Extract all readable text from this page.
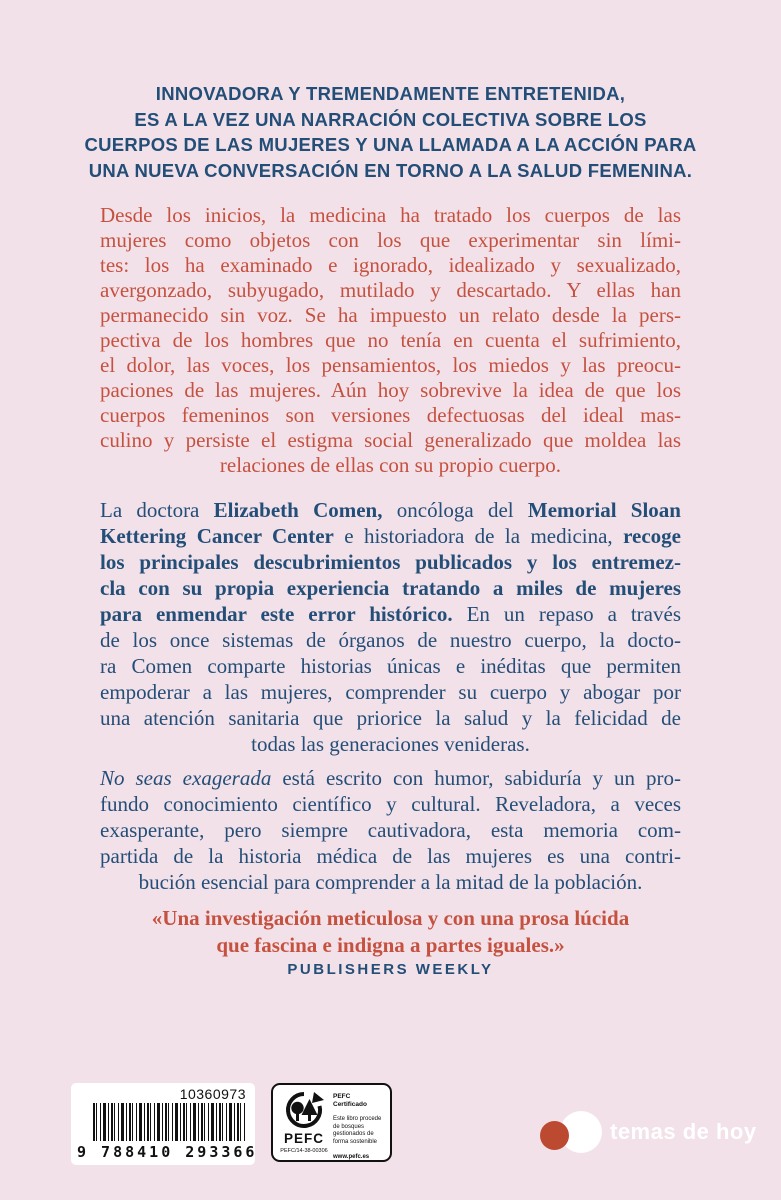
INNOVADORA Y TREMENDAMENTE ENTRETENIDA,
ES A LA VEZ UNA NARRACIÓN COLECTIVA SOBRE LOS
CUERPOS DE LAS MUJERES Y UNA LLAMADA A LA ACCIÓN PARA
UNA NUEVA CONVERSACIÓN EN TORNO A LA SALUD FEMENINA.
Desde los inicios, la medicina ha tratado los cuerpos de las
mujeres como objetos con los que experimentar sin lími-
tes: los ha examinado e ignorado, idealizado y sexualizado,
avergonzado, subyugado, mutilado y descartado. Y ellas han
permanecido sin voz. Se ha impuesto un relato desde la pers-
pectiva de los hombres que no tenía en cuenta el sufrimiento,
el dolor, las voces, los pensamientos, los miedos y las preocu-
paciones de las mujeres. Aún hoy sobrevive la idea de que los
cuerpos femeninos son versiones defectuosas del ideal mas-
culino y persiste el estigma social generalizado que moldea las
relaciones de ellas con su propio cuerpo.
La doctora Elizabeth Comen, oncóloga del Memorial Sloan
Kettering Cancer Center e historiadora de la medicina, recoge
los principales descubrimientos publicados y los entremez-
cla con su propia experiencia tratando a miles de mujeres
para enmendar este error histórico. En un repaso a través
de los once sistemas de órganos de nuestro cuerpo, la docto-
ra Comen comparte historias únicas e inéditas que permiten
empoderar a las mujeres, comprender su cuerpo y abogar por
una atención sanitaria que priorice la salud y la felicidad de
todas las generaciones venideras.
No seas exagerada está escrito con humor, sabiduría y un pro-
fundo conocimiento científico y cultural. Reveladora, a veces
exasperante, pero siempre cautivadora, esta memoria com-
partida de la historia médica de las mujeres es una contri-
bución esencial para comprender a la mitad de la población.
«Una investigación meticulosa y con una prosa lúcida
que fascina e indigna a partes iguales.»
PUBLISHERS WEEKLY
10360973
9 788410 293366
PEFC
PEFC/14-38-00306
PEFC Certificado
Este libro procede de bosques gestionados de forma sostenible
www.pefc.es
temas de hoy
